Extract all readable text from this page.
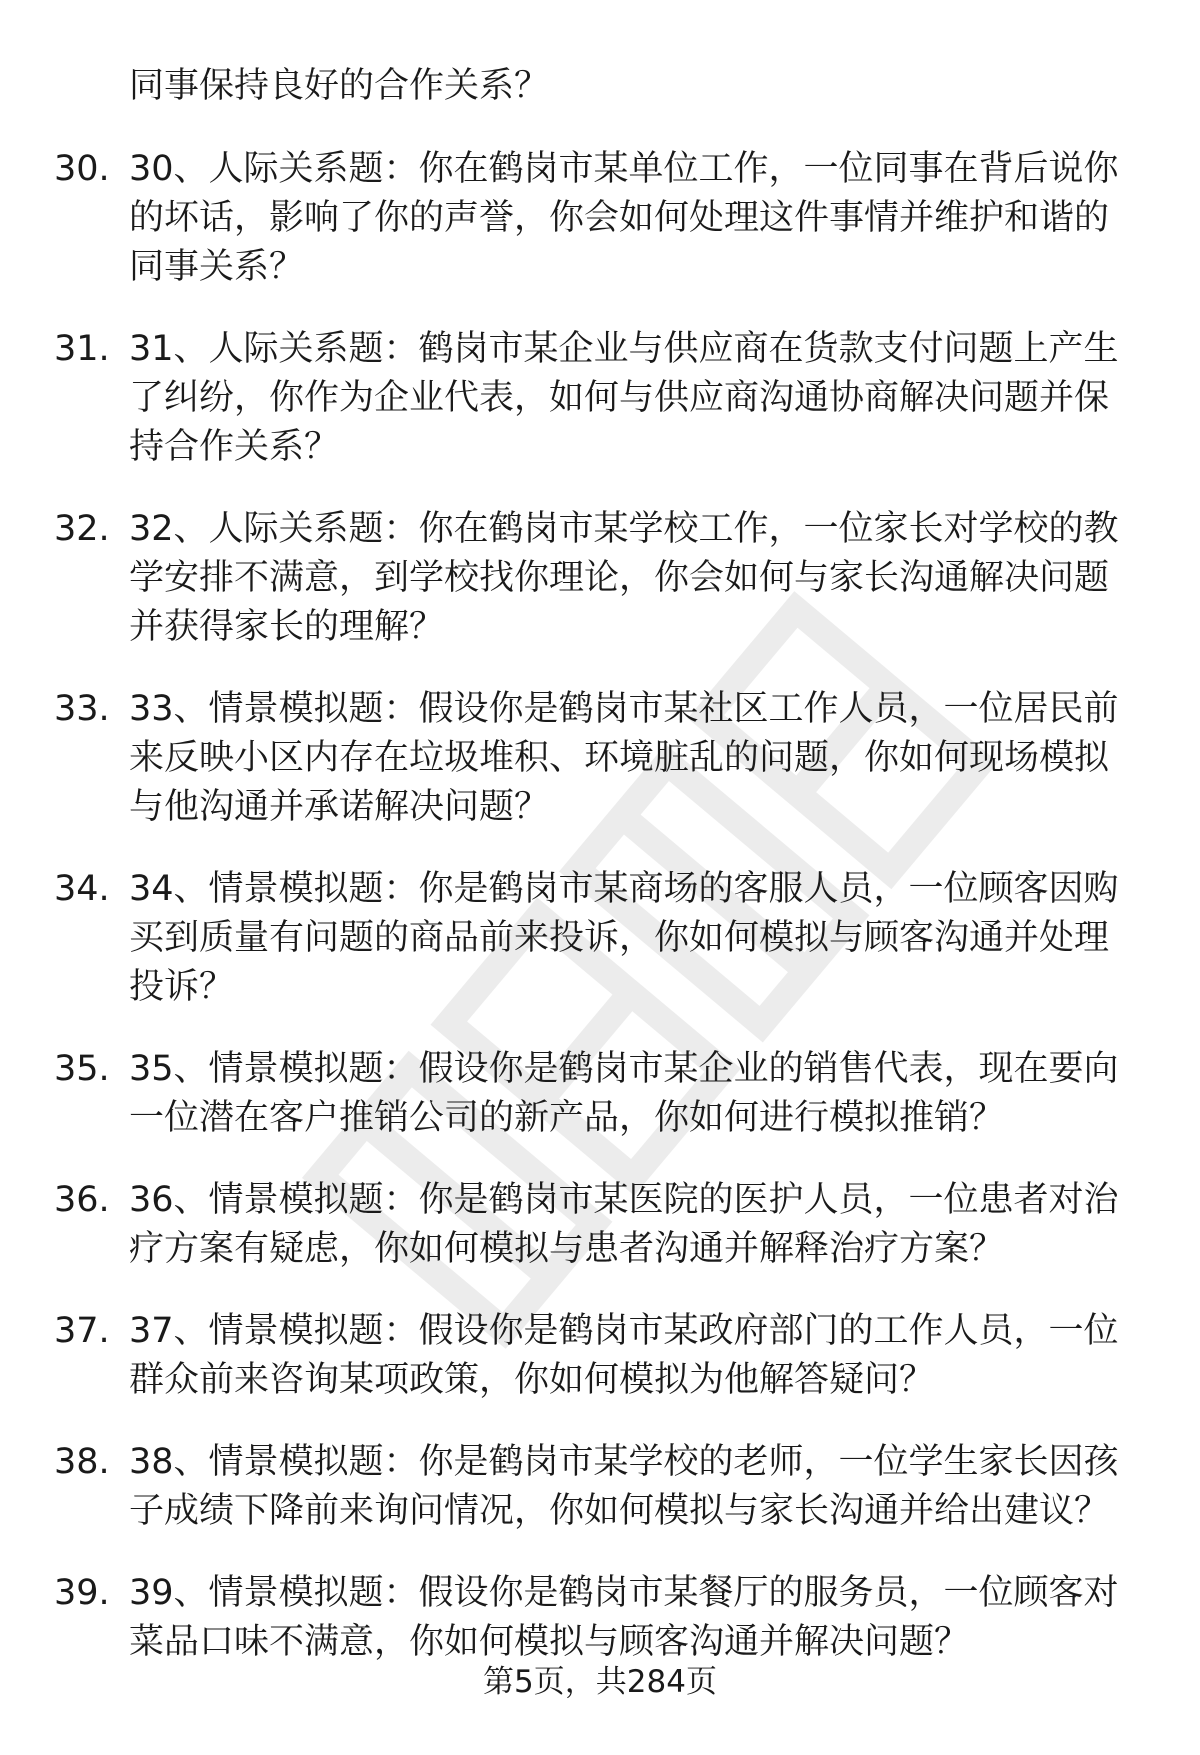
同事保持良好的合作关系？
30. 30、人际关系题：你在鹤岗市某单位工作，一位同事在背后说你
的坏话，影响了你的声誉，你会如何处理这件事情并维护和谐的
同事关系？
31. 31、人际关系题：鹤岗市某企业与供应商在货款支付问题上产生
了纠纷，你作为企业代表，如何与供应商沟通协商解决问题并保
持合作关系？
32. 32、人际关系题：你在鹤岗市某学校工作，一位家长对学校的教
学安排不满意，到学校找你理论，你会如何与家长沟通解决问题
并获得家长的理解？
33. 33、情景模拟题：假设你是鹤岗市某社区工作人员，一位居民前
来反映小区内存在垃圾堆积、环境脏乱的问题，你如何现场模拟
与他沟通并承诺解决问题？
34. 34、情景模拟题：你是鹤岗市某商场的客服人员，一位顾客因购
买到质量有问题的商品前来投诉，你如何模拟与顾客沟通并处理
投诉？
35. 35、情景模拟题：假设你是鹤岗市某企业的销售代表，现在要向
一位潜在客户推销公司的新产品，你如何进行模拟推销？
36. 36、情景模拟题：你是鹤岗市某医院的医护人员，一位患者对治
疗方案有疑虑，你如何模拟与患者沟通并解释治疗方案？
37. 37、情景模拟题：假设你是鹤岗市某政府部门的工作人员，一位
群众前来咨询某项政策，你如何模拟为他解答疑问？
38. 38、情景模拟题：你是鹤岗市某学校的老师，一位学生家长因孩
子成绩下降前来询问情况，你如何模拟与家长沟通并给出建议？
39. 39、情景模拟题：假设你是鹤岗市某餐厅的服务员，一位顾客对
菜品口味不满意，你如何模拟与顾客沟通并解决问题？
第5页，共284页
